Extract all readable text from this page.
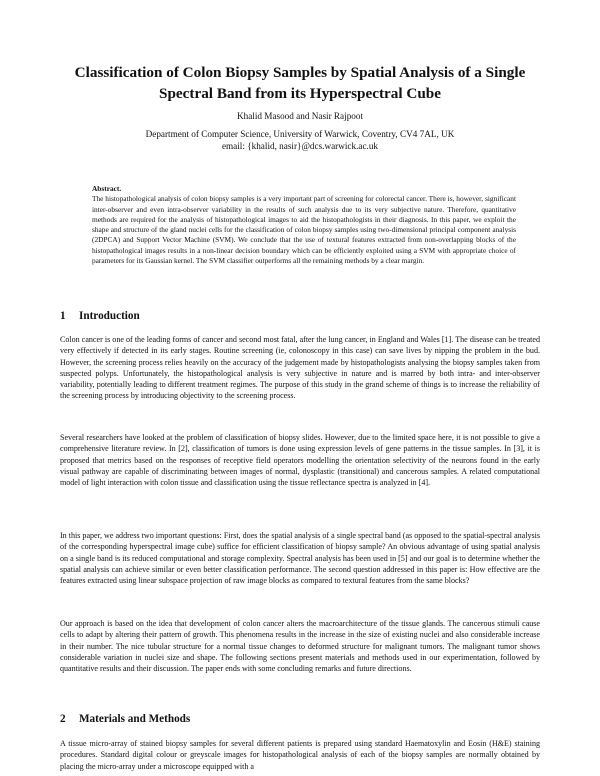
Classification of Colon Biopsy Samples by Spatial Analysis of a Single Spectral Band from its Hyperspectral Cube

Khalid Masood and Nasir Rajpoot

Department of Computer Science, University of Warwick, Coventry, CV4 7AL, UK
email: {khalid, nasir}@dcs.warwick.ac.uk

Abstract.
The histopathological analysis of colon biopsy samples is a very important part of screening for colorectal cancer. There is, however, significant inter-observer and even intra-observer variability in the results of such analysis due to its very subjective nature. Therefore, quantitative methods are required for the analysis of histopathological images to aid the histopathologists in their diagnosis. In this paper, we exploit the shape and structure of the gland nuclei cells for the classification of colon biopsy samples using two-dimensional principal component analysis (2DPCA) and Support Vector Machine (SVM). We conclude that the use of textural features extracted from non-overlapping blocks of the histopathological images results in a non-linear decision boundary which can be efficiently exploited using a SVM with appropriate choice of parameters for its Gaussian kernel. The SVM classifier outperforms all the remaining methods by a clear margin.

1 Introduction

Colon cancer is one of the leading forms of cancer and second most fatal, after the lung cancer, in England and Wales [1]. The disease can be treated very effectively if detected in its early stages. Routine screening (ie, colonoscopy in this case) can save lives by nipping the problem in the bud. However, the screening process relies heavily on the accuracy of the judgement made by histopathologists analysing the biopsy samples taken from suspected polyps. Unfortunately, the histopathological analysis is very subjective in nature and is marred by both intra- and inter-observer variability, potentially leading to different treatment regimes. The purpose of this study in the grand scheme of things is to increase the reliability of the screening process by introducing objectivity to the screening process.

Several researchers have looked at the problem of classification of biopsy slides. However, due to the limited space here, it is not possible to give a comprehensive literature review. In [2], classification of tumors is done using expression levels of gene patterns in the tissue samples. In [3], it is proposed that metrics based on the responses of receptive field operators modelling the orientation selectivity of the neurons found in the early visual pathway are capable of discriminating between images of normal, dysplastic (transitional) and cancerous samples. A related computational model of light interaction with colon tissue and classification using the tissue reflectance spectra is analyzed in [4].

In this paper, we address two important questions: First, does the spatial analysis of a single spectral band (as opposed to the spatial-spectral analysis of the corresponding hyperspectral image cube) suffice for efficient classification of biopsy sample? An obvious advantage of using spatial analysis on a single band is its reduced computational and storage complexity. Spectral analysis has been used in [5] and our goal is to determine whether the spatial analysis can achieve similar or even better classification performance. The second question addressed in this paper is: How effective are the features extracted using linear subspace projection of raw image blocks as compared to textural features from the same blocks?

Our approach is based on the idea that development of colon cancer alters the macroarchitecture of the tissue glands. The cancerous stimuli cause cells to adapt by altering their pattern of growth. This phenomena results in the increase in the size of existing nuclei and also considerable increase in their number. The nice tubular structure for a normal tissue changes to deformed structure for malignant tumors. The malignant tumor shows considerable variation in nuclei size and shape. The following sections present materials and methods used in our experimentation, followed by quantitative results and their discussion. The paper ends with some concluding remarks and future directions.

2 Materials and Methods

A tissue micro-array of stained biopsy samples for several different patients is prepared using standard Haematoxylin and Eosin (H&E) staining procedures. Standard digital colour or greyscale images for histopathological analysis of each of the biopsy samples are normally obtained by placing the micro-array under a microscope equipped with a
